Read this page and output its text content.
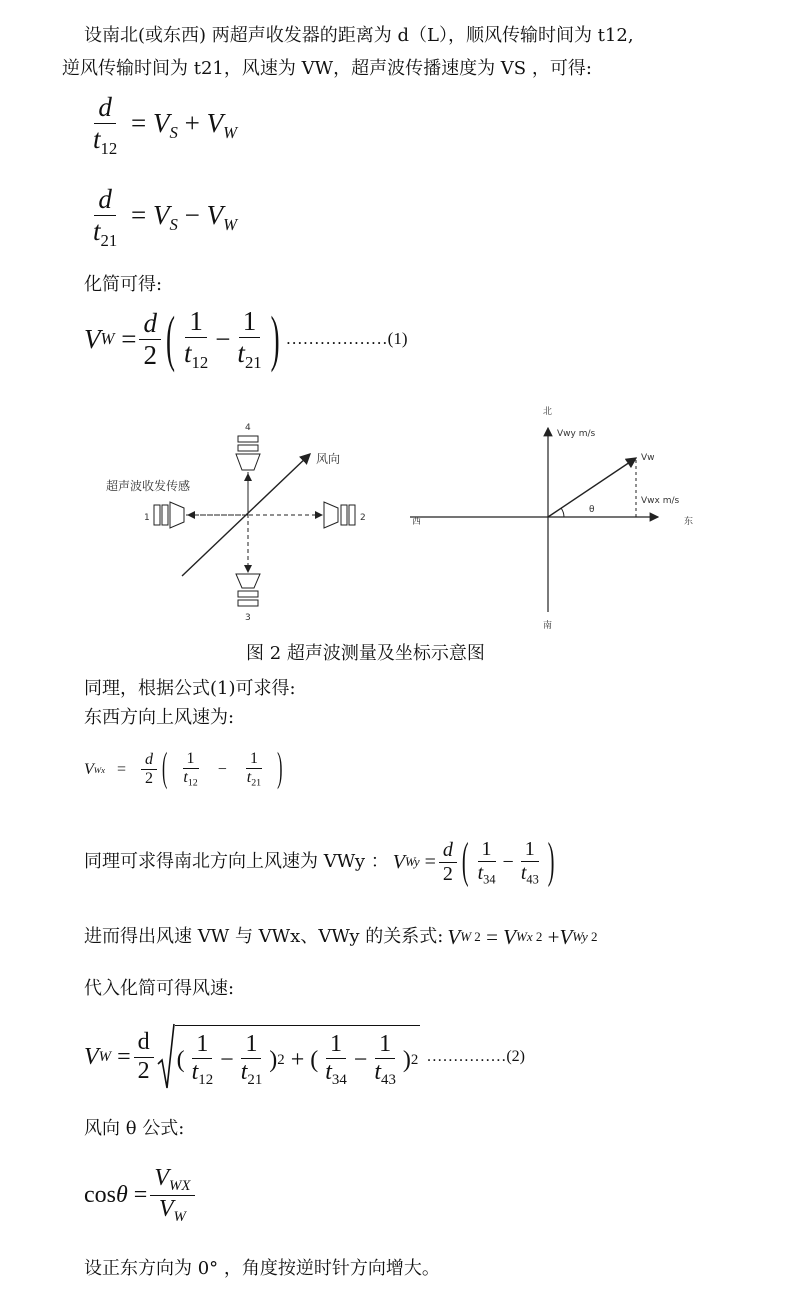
设南北(或东西) 两超声收发器的距离为 d（L），顺风传输时间为 t12,
逆风传输时间为 t21，风速为 VW，超声波传播速度为 VS ，可得:
$\frac{d}{t_{12}} = V_S + V_W$
$\frac{d}{t_{21}} = V_S - V_W$
化简可得:
V $W = \frac{d}{2}$ ( $\frac{1}{t_{12}} - \frac{1}{t_{21}}$ ) ………………(1)
4
3
1	2
风向
超声波收发传感
θ
北
南
西	东
Vwy m/s
Vw
Vwx m/s
图 2 超声波测量及坐标示意图
同理，根据公式(1)可求得:
东西方向上风速为:
V $Wx = \frac{d}{2}$ ( $\frac{1}{t_{12}} - \frac{1}{t_{21}}$ )
同理可求得南北方向上风速为 VWy ： V $Wy = \frac{d}{2}$ ( $\frac{1}{t_{34}} - \frac{1}{t_{43}}$ )
进而得出风速 VW 与 VWx、VWy 的关系式: V W 2 = V Wx 2 + V Wy 2
代入化简可得风速:
V $W = \frac{d}{2}$ ( $\frac{1}{t_{12}} - \frac{1}{t_{21}}$ ) 2 + ( $\frac{1}{t_{34}} - \frac{1}{t_{43}}$ ) 2 ……………(2)
风向 θ 公式:
$\cos \theta = \frac{V_{WX}}{V_W}$
设正东方向为 0° ，角度按逆时针方向增大。
